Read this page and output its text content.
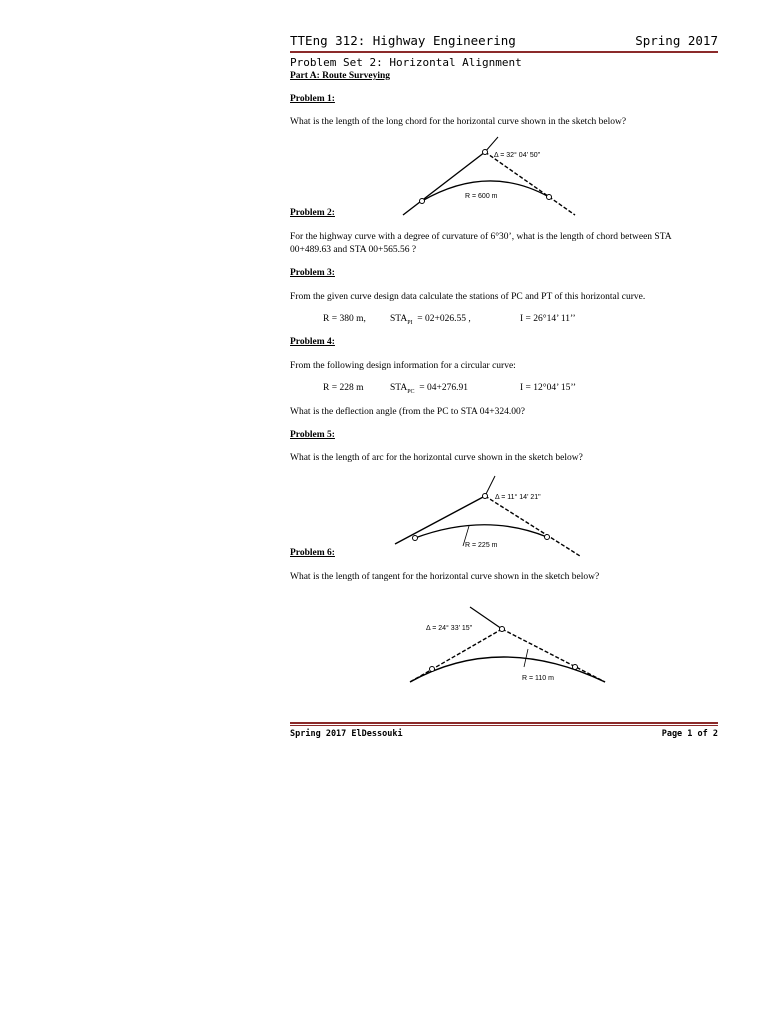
TTEng 312: Highway Engineering	Spring 2017
Problem Set 2: Horizontal Alignment
Part A: Route Surveying
Problem 1:
What is the length of the long chord for the horizontal curve shown in the sketch below?
Δ = 32° 04' 50"
R = 600 m
Problem 2:
For the highway curve with a degree of curvature of 6°30’, what is the length of chord between STA
00+489.63 and STA 00+565.56 ?
Problem 3:
From the given curve design data calculate the stations of PC and PT of this horizontal curve.
R = 380 m,	$STA_{PI} = 02+026.55$ ,	I = 26°14’ 11’’
Problem 4:
From the following design information for a circular curve:
R = 228 m	$STA_{PC} = 04+276.91$	I = 12°04’ 15’’
What is the deflection angle (from the PC to STA 04+324.00?
Problem 5:
What is the length of arc for the horizontal curve shown in the sketch below?
Δ = 11° 14' 21"
R = 225 m
Problem 6:
What is the length of tangent for the horizontal curve shown in the sketch below?
Δ = 24° 33' 15"
R = 110 m
Spring 2017 ElDessouki	Page 1 of 2
